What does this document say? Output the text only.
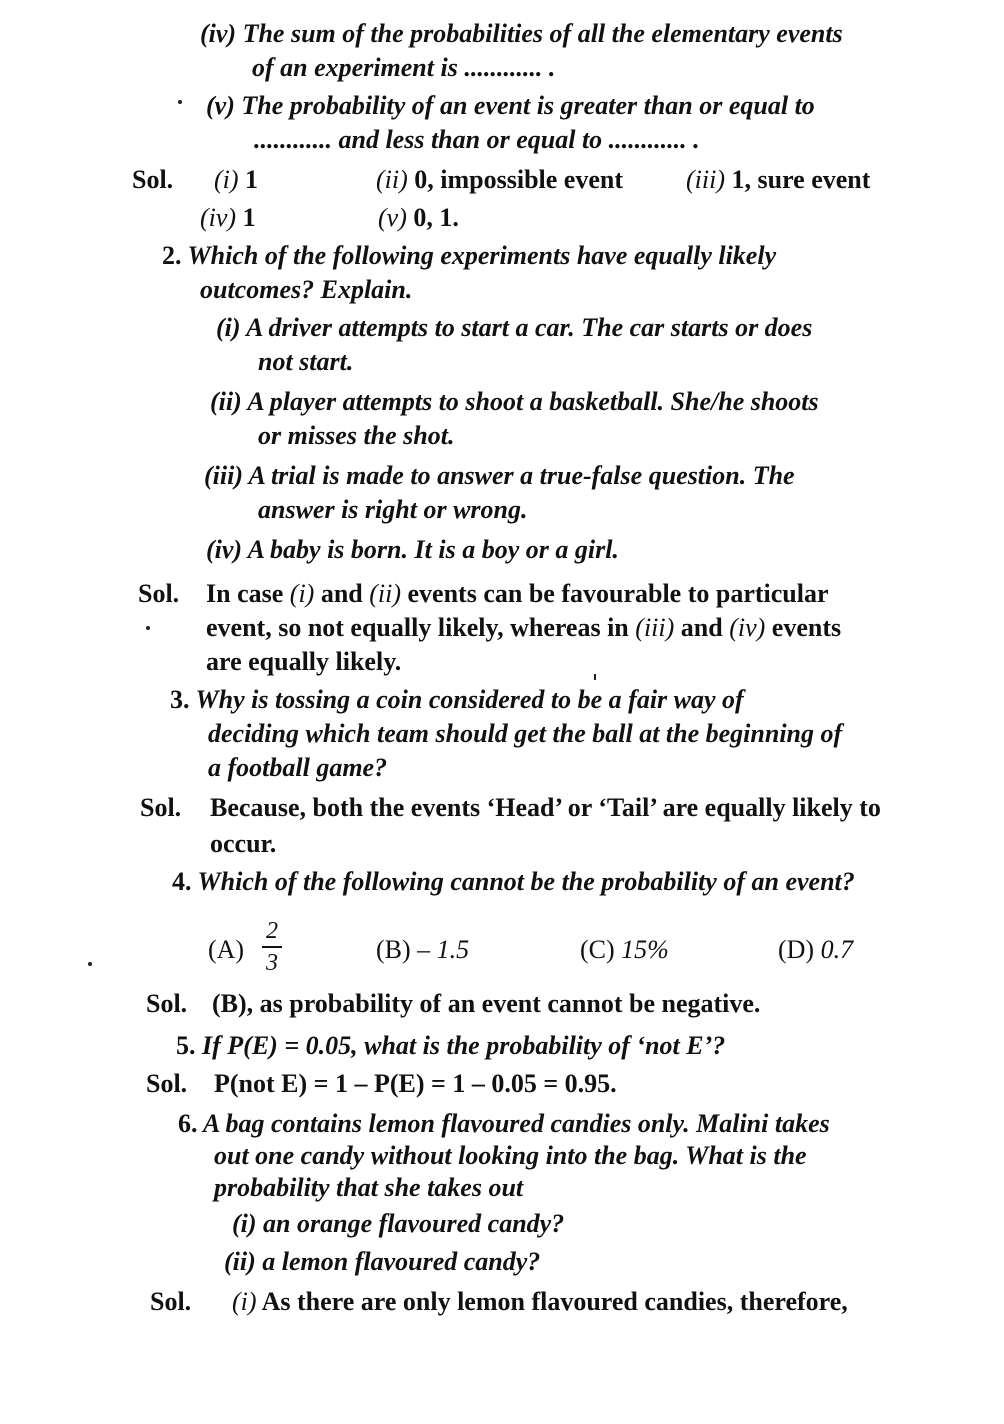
(iv) The sum of the probabilities of all the elementary events
of an experiment is ............ .
(v) The probability of an event is greater than or equal to
............ and less than or equal to ............ .
Sol. (i) 1	(ii) 0, impossible event (iii) 1, sure event
(iv) 1	(v) 0, 1.
2. Which of the following experiments have equally likely
outcomes? Explain.
(i) A driver attempts to start a car. The car starts or does
not start.
(ii) A player attempts to shoot a basketball. She/he shoots
or misses the shot.
(iii) A trial is made to answer a true-false question. The
answer is right or wrong.
(iv) A baby is born. It is a boy or a girl.
Sol. In case (i) and (ii) events can be favourable to particular
event, so not equally likely, whereas in (iii) and (iv) events
are equally likely.
3. Why is tossing a coin considered to be a fair way of
deciding which team should get the ball at the beginning of
a football game?
Sol. Because, both the events ‘Head’ or ‘Tail’ are equally likely to
occur.
4. Which of the following cannot be the probability of an event?
(A)
2
3	(B) – 1.5	(C) 15%	(D) 0.7
Sol. (B), as probability of an event cannot be negative.
5. If P(E) = 0.05, what is the probability of ‘not E’?
Sol. P(not E) = 1 – P(E) = 1 – 0.05 = 0.95.
6. A bag contains lemon flavoured candies only. Malini takes
out one candy without looking into the bag. What is the
probability that she takes out
(i) an orange flavoured candy?
(ii) a lemon flavoured candy?
Sol. (i) As there are only lemon flavoured candies, therefore,
